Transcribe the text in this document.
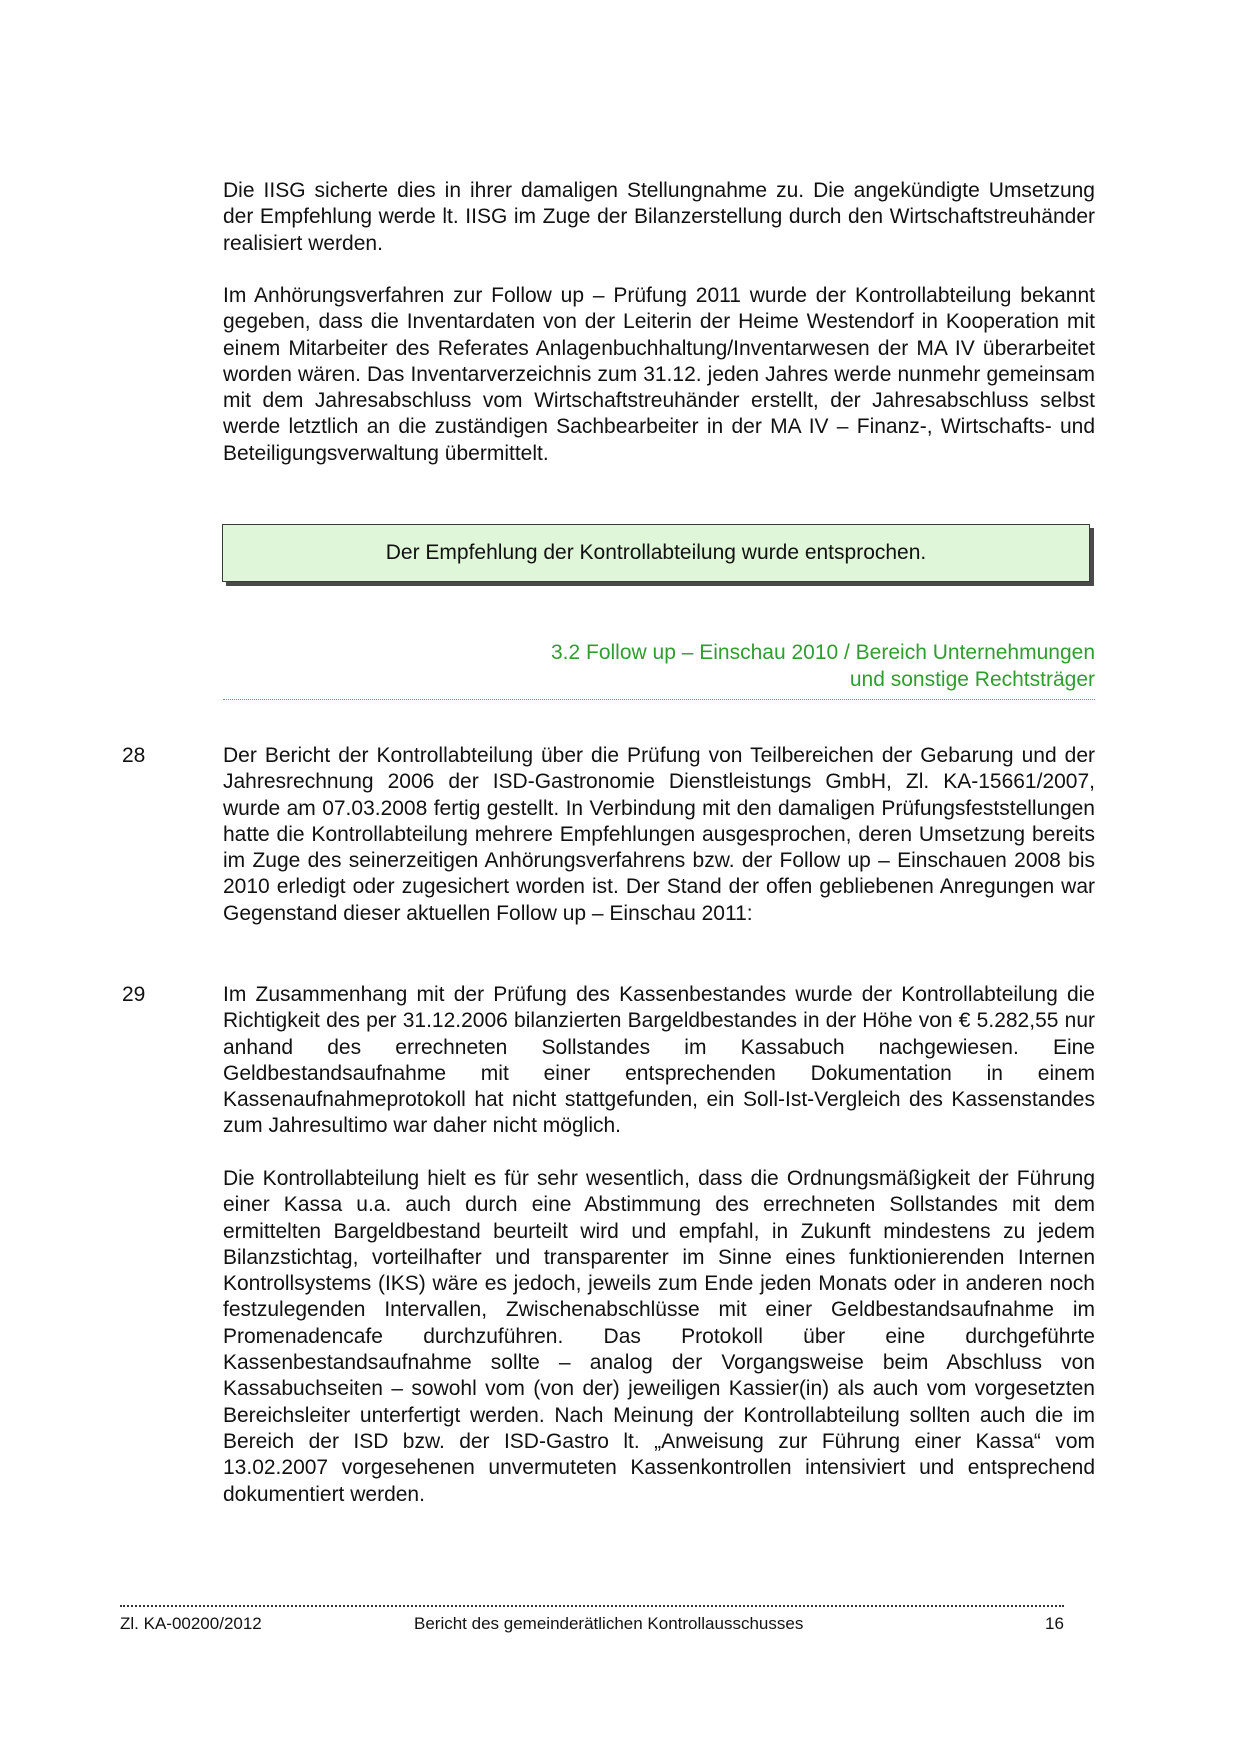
Die IISG sicherte dies in ihrer damaligen Stellungnahme zu. Die angekündigte Umsetzung der Empfehlung werde lt. IISG im Zuge der Bilanzerstellung durch den Wirtschaftstreuhänder realisiert werden.

Im Anhörungsverfahren zur Follow up – Prüfung 2011 wurde der Kontrollabteilung bekannt gegeben, dass die Inventardaten von der Leiterin der Heime Westendorf in Kooperation mit einem Mitarbeiter des Referates Anlagenbuchhaltung/Inventarwesen der MA IV überarbeitet worden wären. Das Inventarverzeichnis zum 31.12. jeden Jahres werde nunmehr gemeinsam mit dem Jahresabschluss vom Wirtschaftstreuhänder erstellt, der Jahresabschluss selbst werde letztlich an die zuständigen Sachbearbeiter in der MA IV – Finanz-, Wirtschafts- und Beteiligungsverwaltung übermittelt.

Der Empfehlung der Kontrollabteilung wurde entsprochen.
3.2 Follow up – Einschau 2010 / Bereich Unternehmungen
und sonstige Rechtsträger

28	Der Bericht der Kontrollabteilung über die Prüfung von Teilbereichen der Gebarung und der Jahresrechnung 2006 der ISD-Gastronomie Dienstleistungs GmbH, Zl. KA-15661/2007, wurde am 07.03.2008 fertig gestellt. In Verbindung mit den damaligen Prüfungsfeststellungen hatte die Kontrollabteilung mehrere Empfehlungen ausgesprochen, deren Umsetzung bereits im Zuge des seinerzeitigen Anhörungsverfahrens bzw. der Follow up – Einschauen 2008 bis 2010 erledigt oder zugesichert worden ist. Der Stand der offen gebliebenen Anregungen war Gegenstand dieser aktuellen Follow up – Einschau 2011:

29	Im Zusammenhang mit der Prüfung des Kassenbestandes wurde der Kontrollabteilung die Richtigkeit des per 31.12.2006 bilanzierten Bargeldbestandes in der Höhe von € 5.282,55 nur anhand des errechneten Sollstandes im Kassabuch nachgewiesen. Eine Geldbestandsaufnahme mit einer entsprechenden Dokumentation in einem Kassenaufnahmeprotokoll hat nicht stattgefunden, ein Soll-Ist-Vergleich des Kassenstandes zum Jahresultimo war daher nicht möglich.

Die Kontrollabteilung hielt es für sehr wesentlich, dass die Ordnungsmäßigkeit der Führung einer Kassa u.a. auch durch eine Abstimmung des errechneten Sollstandes mit dem ermittelten Bargeldbestand beurteilt wird und empfahl, in Zukunft mindestens zu jedem Bilanzstichtag, vorteilhafter und transparenter im Sinne eines funktionierenden Internen Kontrollsystems (IKS) wäre es jedoch, jeweils zum Ende jeden Monats oder in anderen noch festzulegenden Intervallen, Zwischenabschlüsse mit einer Geldbestandsaufnahme im Promenadencafe durchzuführen. Das Protokoll über eine durchgeführte Kassenbestandsaufnahme sollte – analog der Vorgangsweise beim Abschluss von Kassabuchseiten – sowohl vom (von der) jeweiligen Kassier(in) als auch vom vorgesetzten Bereichsleiter unterfertigt werden. Nach Meinung der Kontrollabteilung sollten auch die im Bereich der ISD bzw. der ISD-Gastro lt. „Anweisung zur Führung einer Kassa“ vom 13.02.2007 vorgesehenen unvermuteten Kassenkontrollen intensiviert und entsprechend dokumentiert werden.

Zl. KA-00200/2012	Bericht des gemeinderätlichen Kontrollausschusses	16
